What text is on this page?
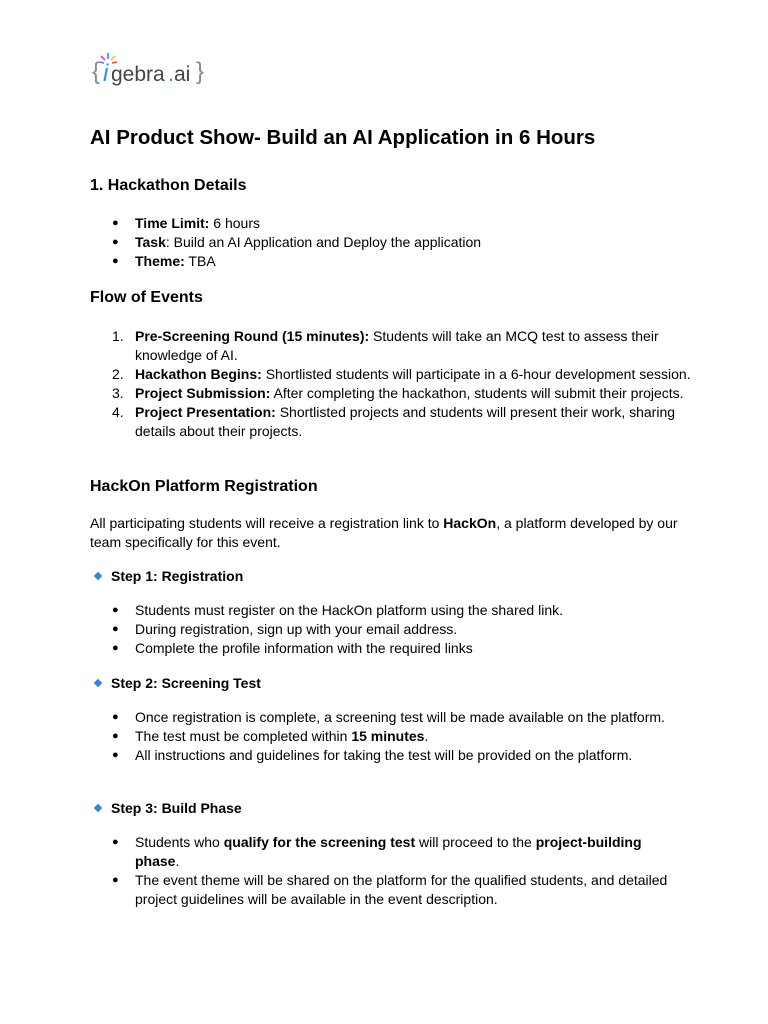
{ i gebra . ai }
AI Product Show- Build an AI Application in 6 Hours
1. Hackathon Details
● Time Limit: 6 hours
● Task: Build an AI Application and Deploy the application
● Theme: TBA
Flow of Events
1. Pre-Screening Round (15 minutes): Students will take an MCQ test to assess their knowledge of AI.
2. Hackathon Begins: Shortlisted students will participate in a 6-hour development session.
3. Project Submission: After completing the hackathon, students will submit their projects.
4. Project Presentation: Shortlisted projects and students will present their work, sharing details about their projects.
HackOn Platform Registration

All participating students will receive a registration link to HackOn, a platform developed by our team specifically for this event.

Step 1: Registration
● Students must register on the HackOn platform using the shared link.
● During registration, sign up with your email address.
● Complete the profile information with the required links
Step 2: Screening Test
● Once registration is complete, a screening test will be made available on the platform.
● The test must be completed within 15 minutes.
● All instructions and guidelines for taking the test will be provided on the platform.
Step 3: Build Phase
● Students who qualify for the screening test will proceed to the project-building phase.
● The event theme will be shared on the platform for the qualified students, and detailed project guidelines will be available in the event description.
